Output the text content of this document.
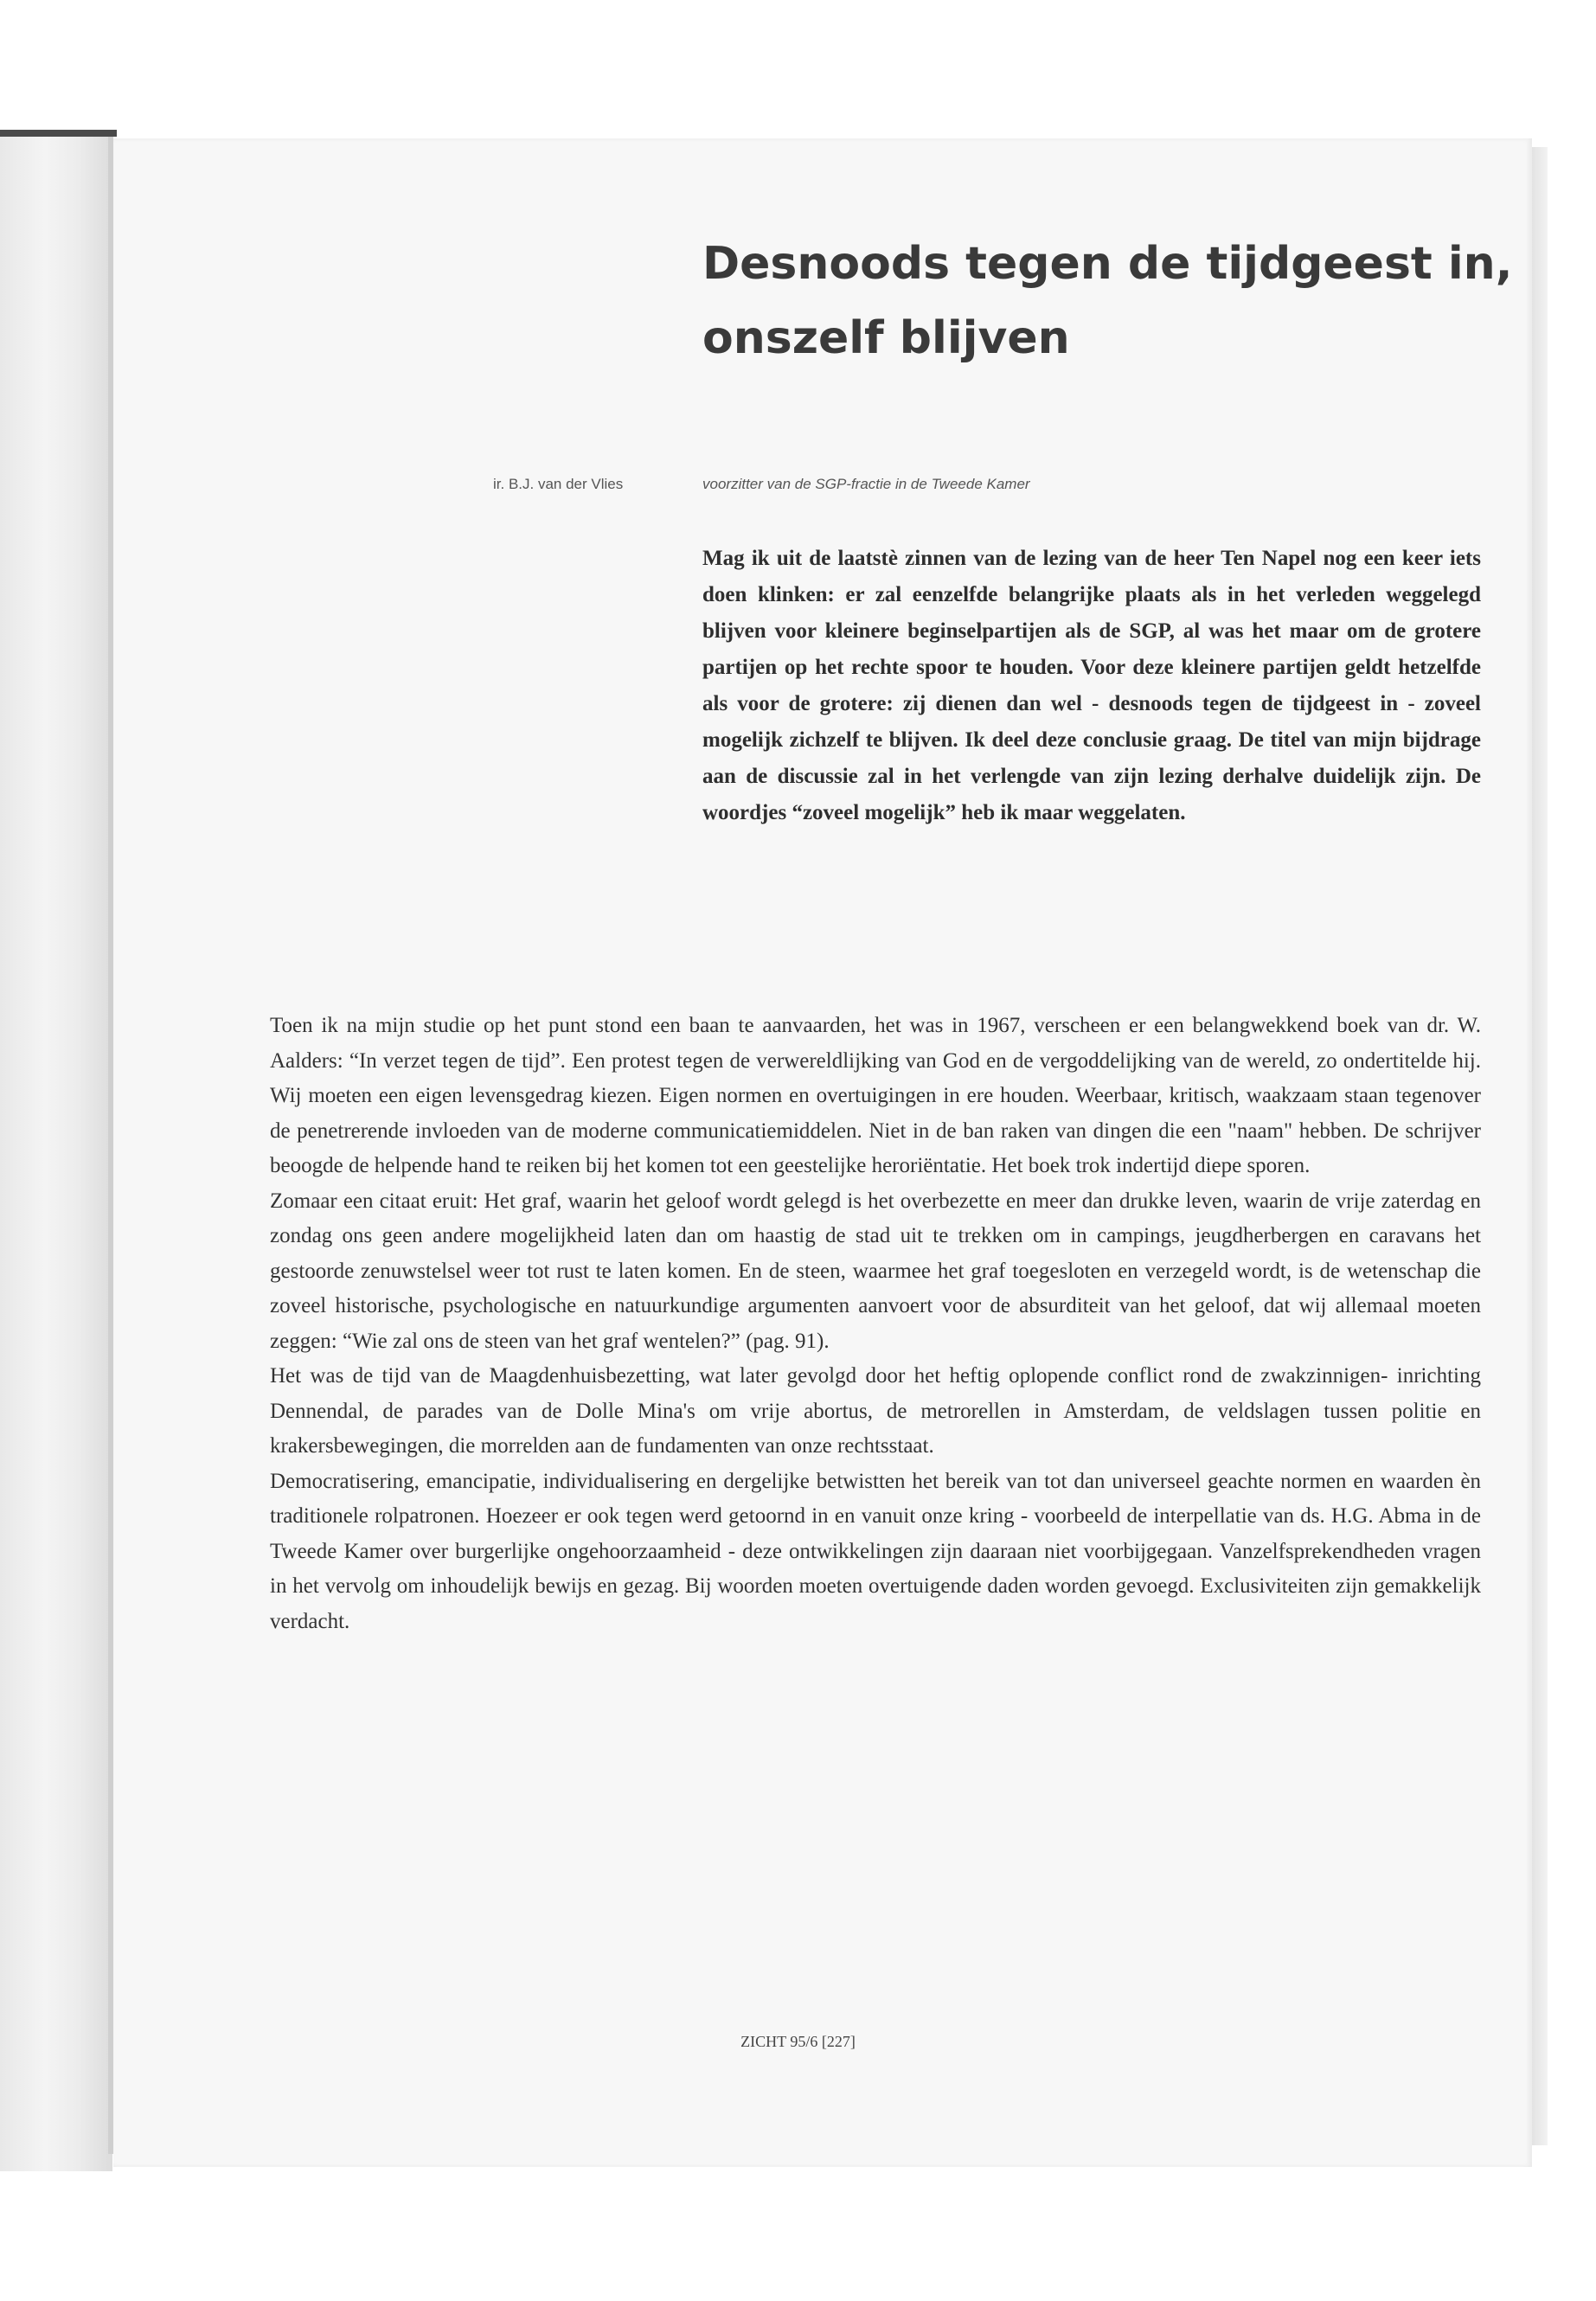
Desnoods tegen de tijdgeest in,
onszelf blijven
ir. B.J. van der Vlies	voorzitter van de SGP-fractie in de Tweede Kamer

Mag ik uit de laatstè zinnen van de lezing van de heer Ten Napel nog een keer iets doen klinken: er zal eenzelfde belangrijke plaats als in het verleden weggelegd blijven voor kleinere beginselpartijen als de SGP, al was het maar om de grotere partijen op het rechte spoor te houden. Voor deze kleinere partijen geldt hetzelfde als voor de grotere: zij dienen dan wel - desnoods tegen de tijdgeest in - zoveel mogelijk zichzelf te blijven. Ik deel deze conclusie graag. De titel van mijn bijdrage aan de discussie zal in het verlengde van zijn lezing derhalve duidelijk zijn. De woordjes “zoveel mogelijk” heb ik maar weggelaten.

Toen ik na mijn studie op het punt stond een baan te aanvaarden, het was in 1967, verscheen er een belangwekkend boek van dr. W. Aalders: “In verzet tegen de tijd”. Een protest tegen de verwereldlijking van God en de vergoddelijking van de wereld, zo ondertitelde hij. Wij moeten een eigen levensgedrag kiezen. Eigen normen en overtuigingen in ere houden. Weerbaar, kritisch, waakzaam staan tegenover de penetrerende invloeden van de moderne communicatiemiddelen. Niet in de ban raken van dingen die een "naam" hebben. De schrijver beoogde de helpende hand te reiken bij het komen tot een geestelijke heroriëntatie. Het boek trok indertijd diepe sporen.

Zomaar een citaat eruit: Het graf, waarin het geloof wordt gelegd is het overbezette en meer dan drukke leven, waarin de vrije zaterdag en zondag ons geen andere mogelijkheid laten dan om haastig de stad uit te trekken om in campings, jeugdherbergen en caravans het gestoorde zenuwstelsel weer tot rust te laten komen. En de steen, waarmee het graf toegesloten en verzegeld wordt, is de wetenschap die zoveel historische, psychologische en natuurkundige argumenten aanvoert voor de absurditeit van het geloof, dat wij allemaal moeten zeggen: “Wie zal ons de steen van het graf wentelen?” (pag. 91).

Het was de tijd van de Maagdenhuisbezetting, wat later gevolgd door het heftig oplopende conflict rond de zwakzinnigen- inrichting Dennendal, de parades van de Dolle Mina's om vrije abortus, de metrorellen in Amsterdam, de veldslagen tussen politie en krakersbewegingen, die morrelden aan de fundamenten van onze rechtsstaat.

Democratisering, emancipatie, individualisering en dergelijke betwistten het bereik van tot dan universeel geachte normen en waarden èn traditionele rolpatronen. Hoezeer er ook tegen werd getoornd in en vanuit onze kring - voorbeeld de interpellatie van ds. H.G. Abma in de Tweede Kamer over burgerlijke ongehoorzaamheid - deze ontwikkelingen zijn daaraan niet voorbijgegaan. Vanzelfsprekendheden vragen in het vervolg om inhoudelijk bewijs en gezag. Bij woorden moeten overtuigende daden worden gevoegd. Exclusiviteiten zijn gemakkelijk verdacht.

ZICHT 95/6 [227]
